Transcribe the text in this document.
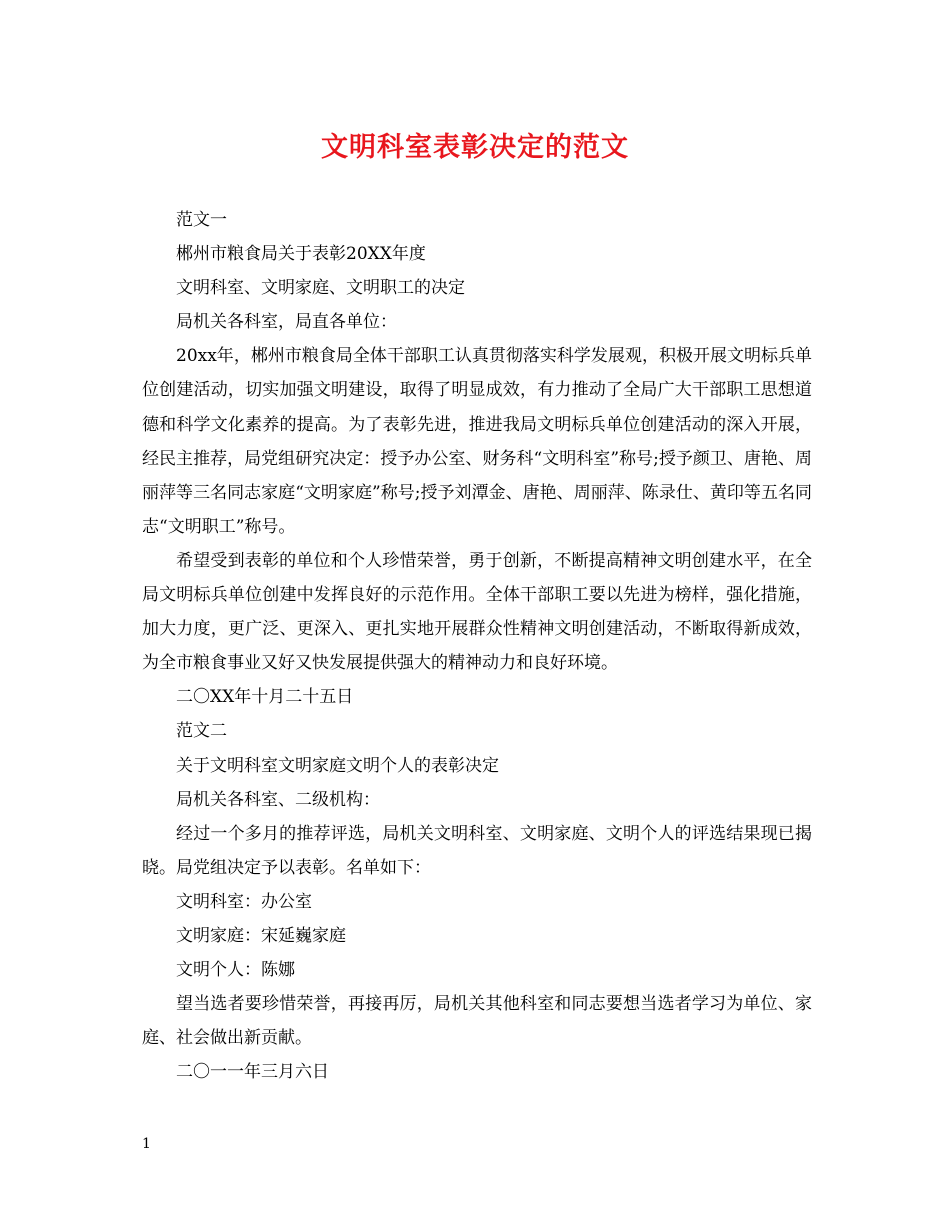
文明科室表彰决定的范文

范文一

郴州市粮食局关于表彰20XX年度

文明科室、文明家庭、文明职工的决定

局机关各科室，局直各单位：

20xx年，郴州市粮食局全体干部职工认真贯彻落实科学发展观，积极开展文明标兵单位创建活动，切实加强文明建设，取得了明显成效，有力推动了全局广大干部职工思想道德和科学文化素养的提高。为了表彰先进，推进我局文明标兵单位创建活动的深入开展，经民主推荐，局党组研究决定：授予办公室、财务科“文明科室”称号;授予颜卫、唐艳、周丽萍等三名同志家庭“文明家庭”称号;授予刘潭金、唐艳、周丽萍、陈录仕、黄印等五名同志“文明职工”称号。

希望受到表彰的单位和个人珍惜荣誉，勇于创新，不断提高精神文明创建水平，在全局文明标兵单位创建中发挥良好的示范作用。全体干部职工要以先进为榜样，强化措施，加大力度，更广泛、更深入、更扎实地开展群众性精神文明创建活动，不断取得新成效，为全市粮食事业又好又快发展提供强大的精神动力和良好环境。

二〇XX年十月二十五日

范文二

关于文明科室文明家庭文明个人的表彰决定

局机关各科室、二级机构：

经过一个多月的推荐评选，局机关文明科室、文明家庭、文明个人的评选结果现已揭晓。局党组决定予以表彰。名单如下：

文明科室：办公室

文明家庭：宋延巍家庭

文明个人：陈娜

望当选者要珍惜荣誉，再接再厉，局机关其他科室和同志要想当选者学习为单位、家庭、社会做出新贡献。

二〇一一年三月六日

1
